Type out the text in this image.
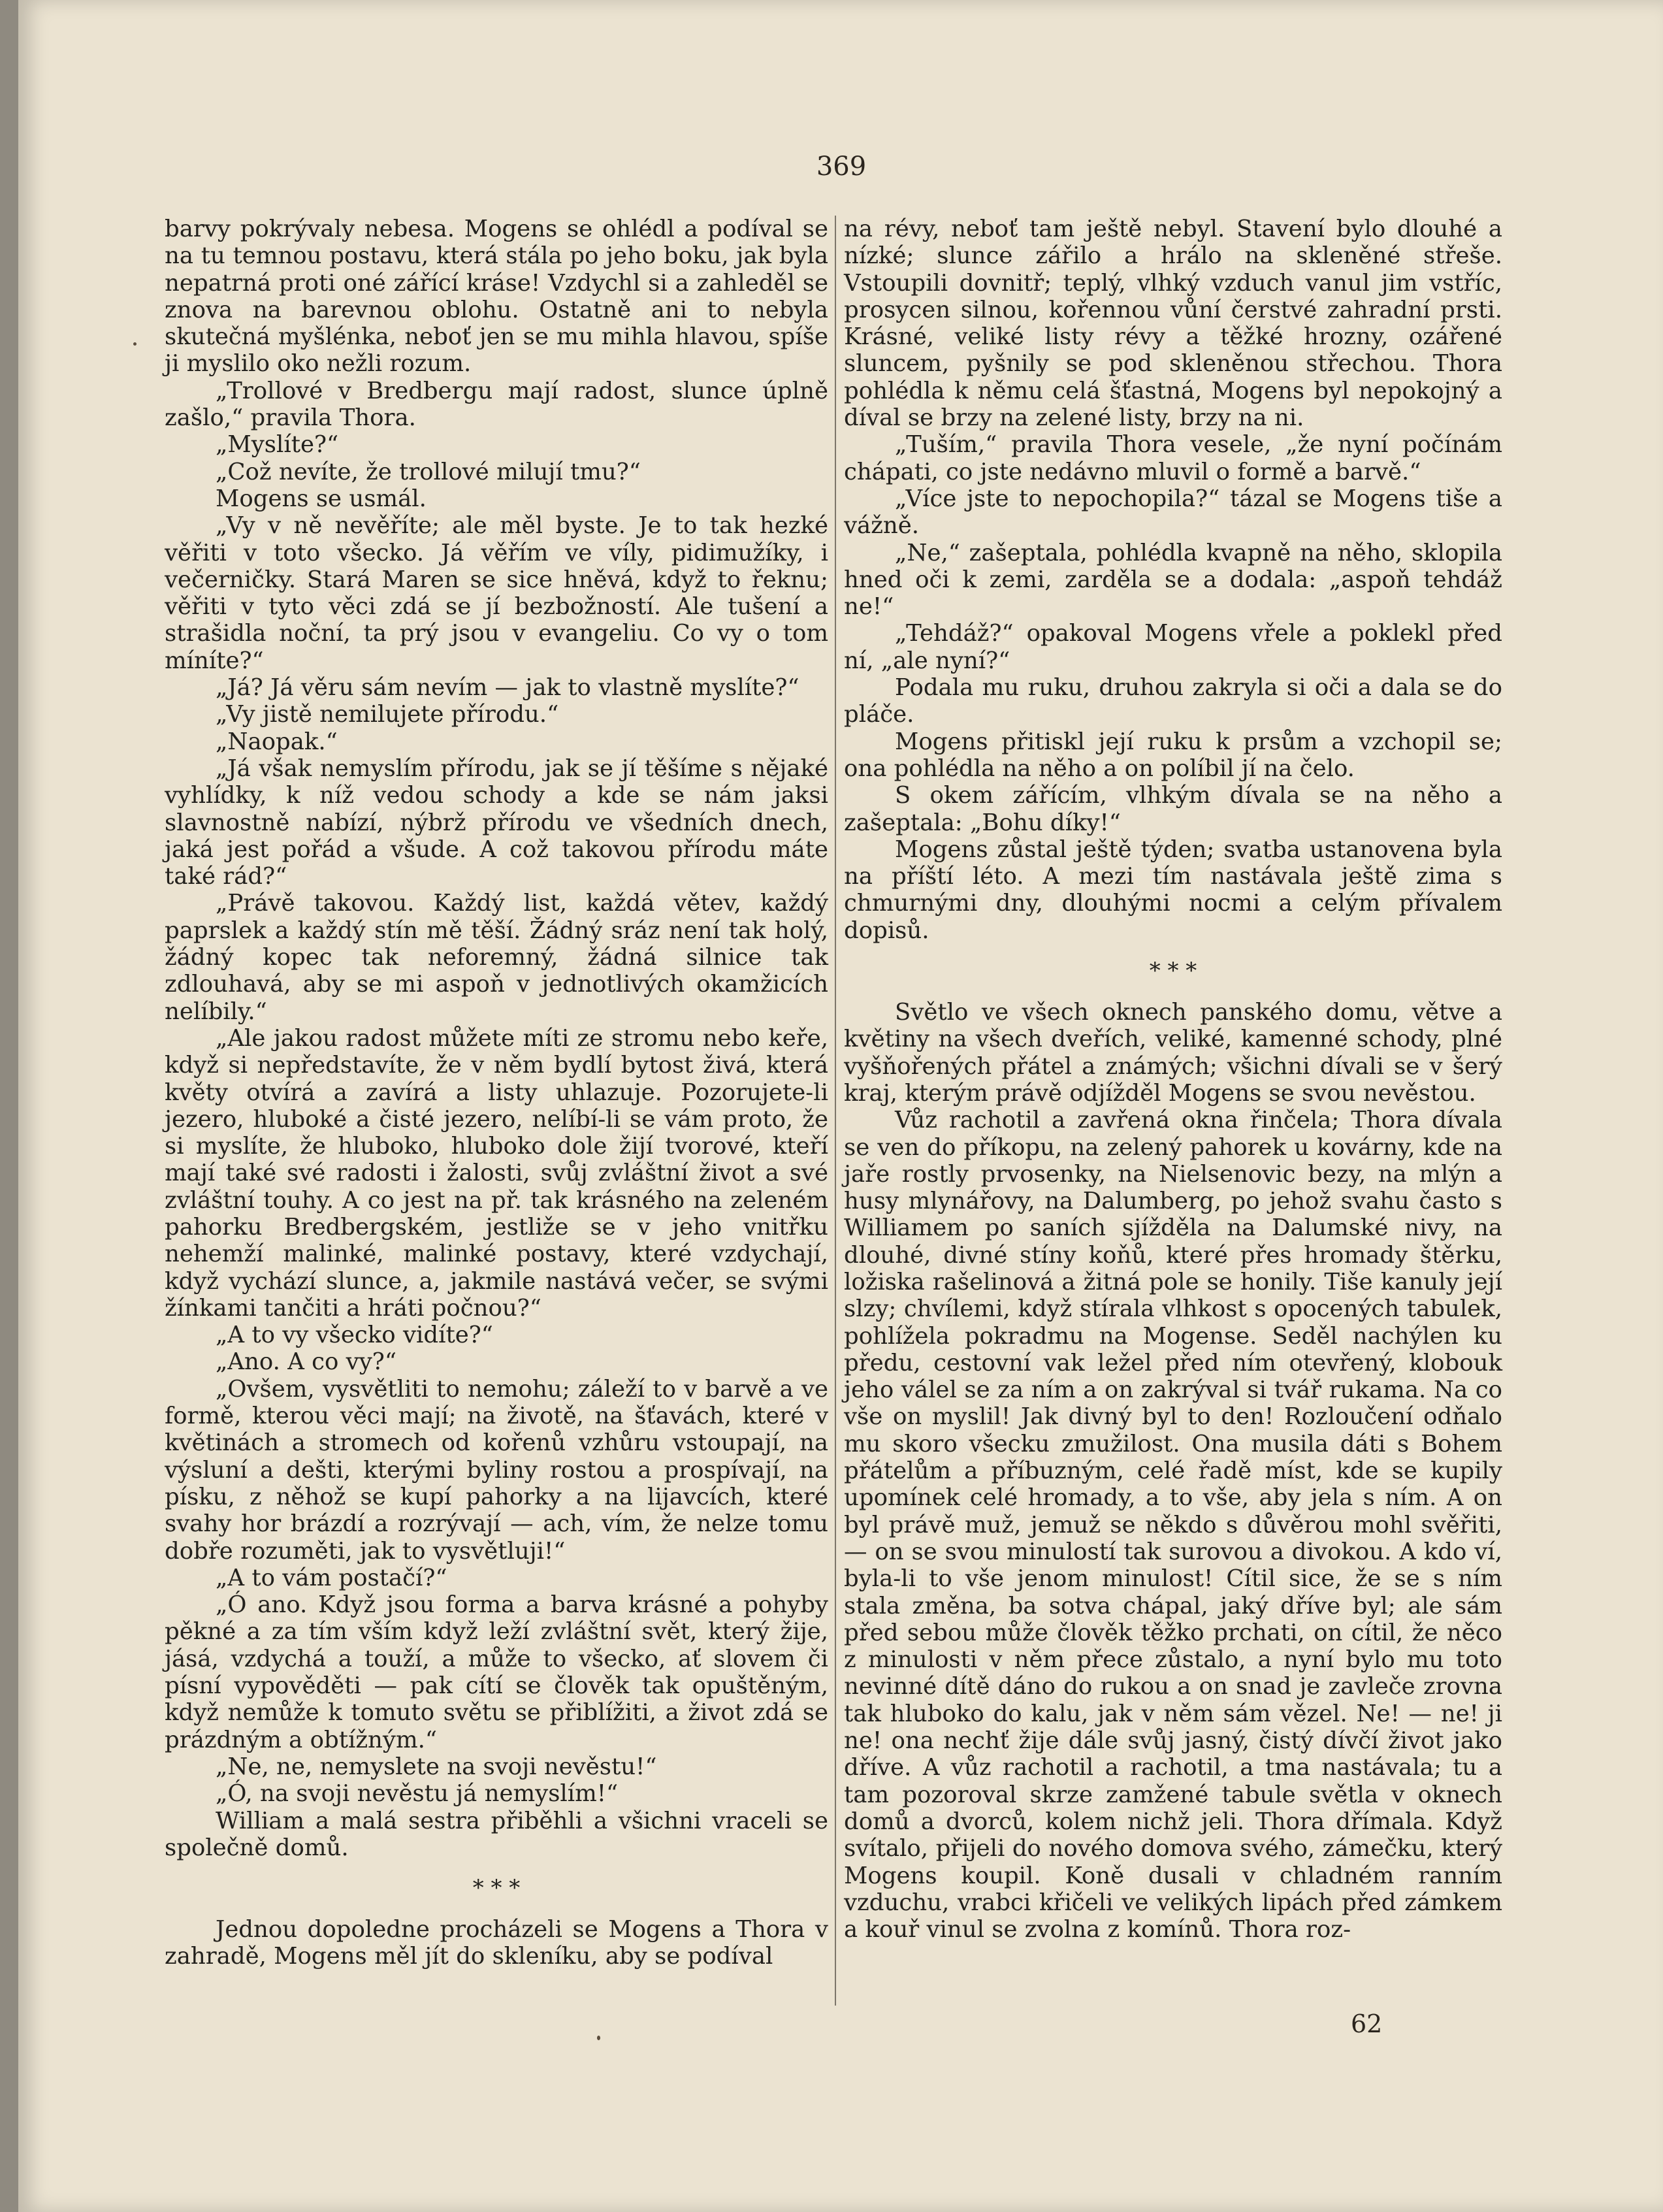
369
62

barvy pokrývaly nebesa. Mogens se ohlédl a podíval se na tu temnou postavu, která stála po jeho boku, jak byla nepatrná proti oné zářící kráse! Vzdychl si a zahleděl se znova na barevnou oblohu. Ostatně ani to nebyla skutečná myšlénka, neboť jen se mu mihla hlavou, spíše ji myslilo oko nežli rozum.

„Trollové v Bredbergu mají radost, slunce úplně zašlo,“ pravila Thora.

„Myslíte?“

„Což nevíte, že trollové milují tmu?“

Mogens se usmál.

„Vy v ně nevěříte; ale měl byste. Je to tak hezké věřiti v toto všecko. Já věřím ve víly, pidimužíky, i večerničky. Stará Maren se sice hněvá, když to řeknu; věřiti v tyto věci zdá se jí bezbožností. Ale tušení a strašidla noční, ta prý jsou v evangeliu. Co vy o tom míníte?“

„Já? Já věru sám nevím — jak to vlastně myslíte?“

„Vy jistě nemilujete přírodu.“

„Naopak.“

„Já však nemyslím přírodu, jak se jí těšíme s nějaké vyhlídky, k níž vedou schody a kde se nám jaksi slavnostně nabízí, nýbrž přírodu ve všedních dnech, jaká jest pořád a všude. A což takovou přírodu máte také rád?“

„Právě takovou. Každý list, každá větev, každý paprslek a každý stín mě těší. Žádný sráz není tak holý, žádný kopec tak neforemný, žádná silnice tak zdlouhavá, aby se mi aspoň v jednotlivých okamžicích nelíbily.“

„Ale jakou radost můžete míti ze stromu nebo keře, když si nepředstavíte, že v něm bydlí bytost živá, která květy otvírá a zavírá a listy uhlazuje. Pozorujete-li jezero, hluboké a čisté jezero, nelíbí-li se vám proto, že si myslíte, že hluboko, hluboko dole žijí tvorové, kteří mají také své radosti i žalosti, svůj zvláštní život a své zvláštní touhy. A co jest na př. tak krásného na zeleném pahorku Bredbergském, jestliže se v jeho vnitřku nehemží malinké, malinké postavy, které vzdychají, když vychází slunce, a, jakmile nastává večer, se svými žínkami tančiti a hráti počnou?“

„A to vy všecko vidíte?“

„Ano. A co vy?“

„Ovšem, vysvětliti to nemohu; záleží to v barvě a ve formě, kterou věci mají; na životě, na šťavách, které v květinách a stromech od kořenů vzhůru vstoupají, na výsluní a dešti, kterými byliny rostou a prospívají, na písku, z něhož se kupí pahorky a na lijavcích, které svahy hor brázdí a rozrývají — ach, vím, že nelze tomu dobře rozuměti, jak to vysvětluji!“

„A to vám postačí?“

„Ó ano. Když jsou forma a barva krásné a pohyby pěkné a za tím vším když leží zvláštní svět, který žije, jásá, vzdychá a touží, a může to všecko, ať slovem či písní vypověděti — pak cítí se člověk tak opuštěným, když nemůže k tomuto světu se přiblížiti, a život zdá se prázdným a obtížným.“

„Ne, ne, nemyslete na svoji nevěstu!“

„Ó, na svoji nevěstu já nemyslím!“

William a malá sestra přiběhli a všichni vraceli se společně domů.

* * *

Jednou dopoledne procházeli se Mogens a Thora v zahradě, Mogens měl jít do skleníku, aby se podíval

na révy, neboť tam ještě nebyl. Stavení bylo dlouhé a nízké; slunce zářilo a hrálo na skleněné střeše. Vstoupili dovnitř; teplý, vlhký vzduch vanul jim vstříc, prosycen silnou, kořennou vůní čerstvé zahradní prsti. Krásné, veliké listy révy a těžké hrozny, ozářené sluncem, pyšnily se pod skleněnou střechou. Thora pohlédla k němu celá šťastná, Mogens byl nepokojný a díval se brzy na zelené listy, brzy na ni.

„Tuším,“ pravila Thora vesele, „že nyní počínám chápati, co jste nedávno mluvil o formě a barvě.“

„Více jste to nepochopila?“ tázal se Mogens tiše a vážně.

„Ne,“ zašeptala, pohlédla kvapně na něho, sklopila hned oči k zemi, zarděla se a dodala: „aspoň tehdáž ne!“

„Tehdáž?“ opakoval Mogens vřele a poklekl před ní, „ale nyní?“

Podala mu ruku, druhou zakryla si oči a dala se do pláče.

Mogens přitiskl její ruku k prsům a vzchopil se; ona pohlédla na něho a on políbil jí na čelo.

S okem zářícím, vlhkým dívala se na něho a zašeptala: „Bohu díky!“

Mogens zůstal ještě týden; svatba ustanovena byla na příští léto. A mezi tím nastávala ještě zima s chmurnými dny, dlouhými nocmi a celým přívalem dopisů.

* * *

Světlo ve všech oknech panského domu, větve a květiny na všech dveřích, veliké, kamenné schody, plné vyšňořených přátel a známých; všichni dívali se v šerý kraj, kterým právě odjížděl Mogens se svou nevěstou.

Vůz rachotil a zavřená okna řinčela; Thora dívala se ven do příkopu, na zelený pahorek u kovárny, kde na jaře rostly prvosenky, na Nielsenovic bezy, na mlýn a husy mlynářovy, na Dalumberg, po jehož svahu často s Williamem po saních sjížděla na Dalumské nivy, na dlouhé, divné stíny koňů, které přes hromady štěrku, ložiska rašelinová a žitná pole se honily. Tiše kanuly její slzy; chvílemi, když stírala vlhkost s opocených tabulek, pohlížela pokradmu na Mogense. Seděl nachýlen ku předu, cestovní vak ležel před ním otevřený, klobouk jeho válel se za ním a on zakrýval si tvář rukama. Na co vše on myslil! Jak divný byl to den! Rozloučení odňalo mu skoro všecku zmužilost. Ona musila dáti s Bohem přátelům a příbuzným, celé řadě míst, kde se kupily upomínek celé hromady, a to vše, aby jela s ním. A on byl právě muž, jemuž se někdo s důvěrou mohl svěřiti, — on se svou minulostí tak surovou a divokou. A kdo ví, byla-li to vše jenom minulost! Cítil sice, že se s ním stala změna, ba sotva chápal, jaký dříve byl; ale sám před sebou může člověk těžko prchati, on cítil, že něco z minulosti v něm přece zůstalo, a nyní bylo mu toto nevinné dítě dáno do rukou a on snad je zavleče zrovna tak hluboko do kalu, jak v něm sám vězel. Ne! — ne! ji ne! ona nechť žije dále svůj jasný, čistý dívčí život jako dříve. A vůz rachotil a rachotil, a tma nastávala; tu a tam pozoroval skrze zamžené tabule světla v oknech domů a dvorců, kolem nichž jeli. Thora dřímala. Když svítalo, přijeli do nového domova svého, zámečku, který Mogens koupil. Koně dusali v chladném ranním vzduchu, vrabci křičeli ve velikých lipách před zámkem a kouř vinul se zvolna z komínů. Thora roz-
